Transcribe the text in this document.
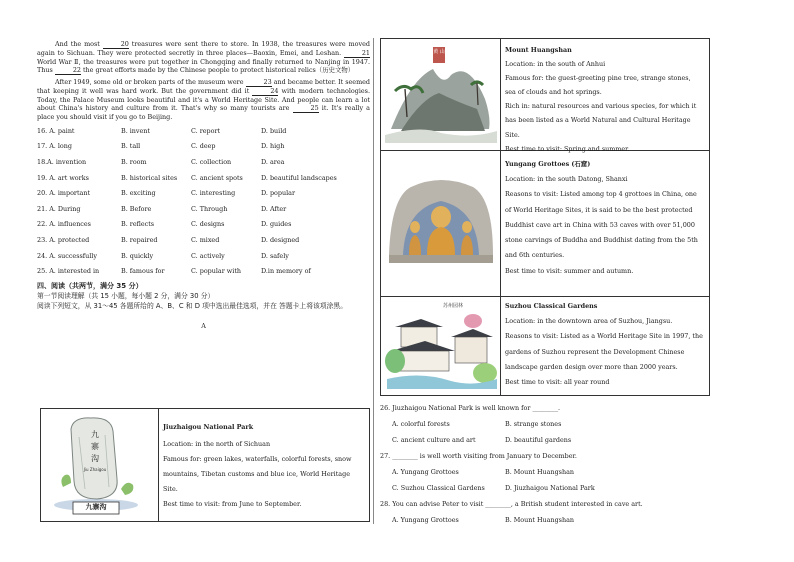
And the most	20 treasures were sent there to store. In 1938, the treasures were moved again to Sichuan. They were protected secretly in three places—Baoxin, Emei, and Leshan.	21 World War Ⅱ, the treasures were put together in Chongqing and finally returned to Nanjing in 1947. Thus	22 the great efforts made by the Chinese people to protect historical relics（历史文物）

After 1949, some old or broken parts of the museum were	23 and became better. It seemed that keeping it well was hard work. But the government did it	24 with modern technologies. Today, the Palace Museum looks beautiful and it's a World Heritage Site. And people can learn a lot about China's history and culture from it. That's why so many tourists are	25 it. It's really a place you should visit if you go to Beijing.

16. A. paint	B. invent	C. report	D. build
17. A. long	B. tall	C. deep	D. high
18.A. invention	B. room	C. collection	D. area
19. A. art works	B. historical sites	C. ancient spots	D. beautiful landscapes
20. A. important	B. exciting	C. interesting	D. popular
21. A. During	B. Before	C. Through	D. After
22. A. influences	B. reflects	C. designs	D. guides
23. A. protected	B. repaired	C. mixed	D. designed
24. A. successfully	B. quickly	C. actively	D. safely
25. A. interested in	B. famous for	C. popular with	D.in memory of
四、阅读（共两节，满分 35 分）
第一节阅读理解（共 15 小题，每小题 2 分，满分 30 分）
阅读下列短文，从 31～45 各题所给的 A、B、C 和 D 项中选出最佳选项，并在 答题卡上将该项涂黑。
A
九
寨
沟
Jiu Zhaigou
九寨沟
Jiuzhaigou National Park
Location: in the north of Sichuan
Famous for: green lakes, waterfalls, colorful forests, snow mountains, Tibetan customs and blue ice, World Heritage Site.
Best time to visit: from June to September.
黄 山	Mount Huangshan
Location: in the south of Anhui
Famous for: the guest-greeting pine tree, strange stones, sea of clouds and hot springs.
Rich in: natural resources and various species, for which it has been listed as a World Natural and Cultural Heritage Site.
Best time to visit: Spring and summer.
Yungang Grottoes (石窟)
Location: in the south Datong, Shanxi
Reasons to visit: Listed among top 4 grottoes in China, one of World Heritage Sites, it is said to be the best protected Buddhist cave art in China with 53 caves with over 51,000 stone carvings of Buddha and Buddhist dating from the 5th and 6th centuries.
Best time to visit: summer and autumn.
苏州园林	Suzhou Classical Gardens
Location: in the downtown area of Suzhou, Jiangsu.
Reasons to visit: Listed as a World Heritage Site in 1997, the gardens of Suzhou represent the Development Chinese landscape garden design over more than 2000 years.
Best time to visit: all year round
26. Jiuzhaigou National Park is well known for ________.
A. colorful forests	B. strange stones
C. ancient culture and art	D. beautiful gardens
27. ________ is well worth visiting from January to December.
A. Yungang Grottoes	B. Mount Huangshan
C. Suzhou Classical Gardens	D. Jiuzhaigou National Park
28. You can advise Peter to visit ________, a British student interested in cave art.
A. Yungang Grottoes	B. Mount Huangshan
